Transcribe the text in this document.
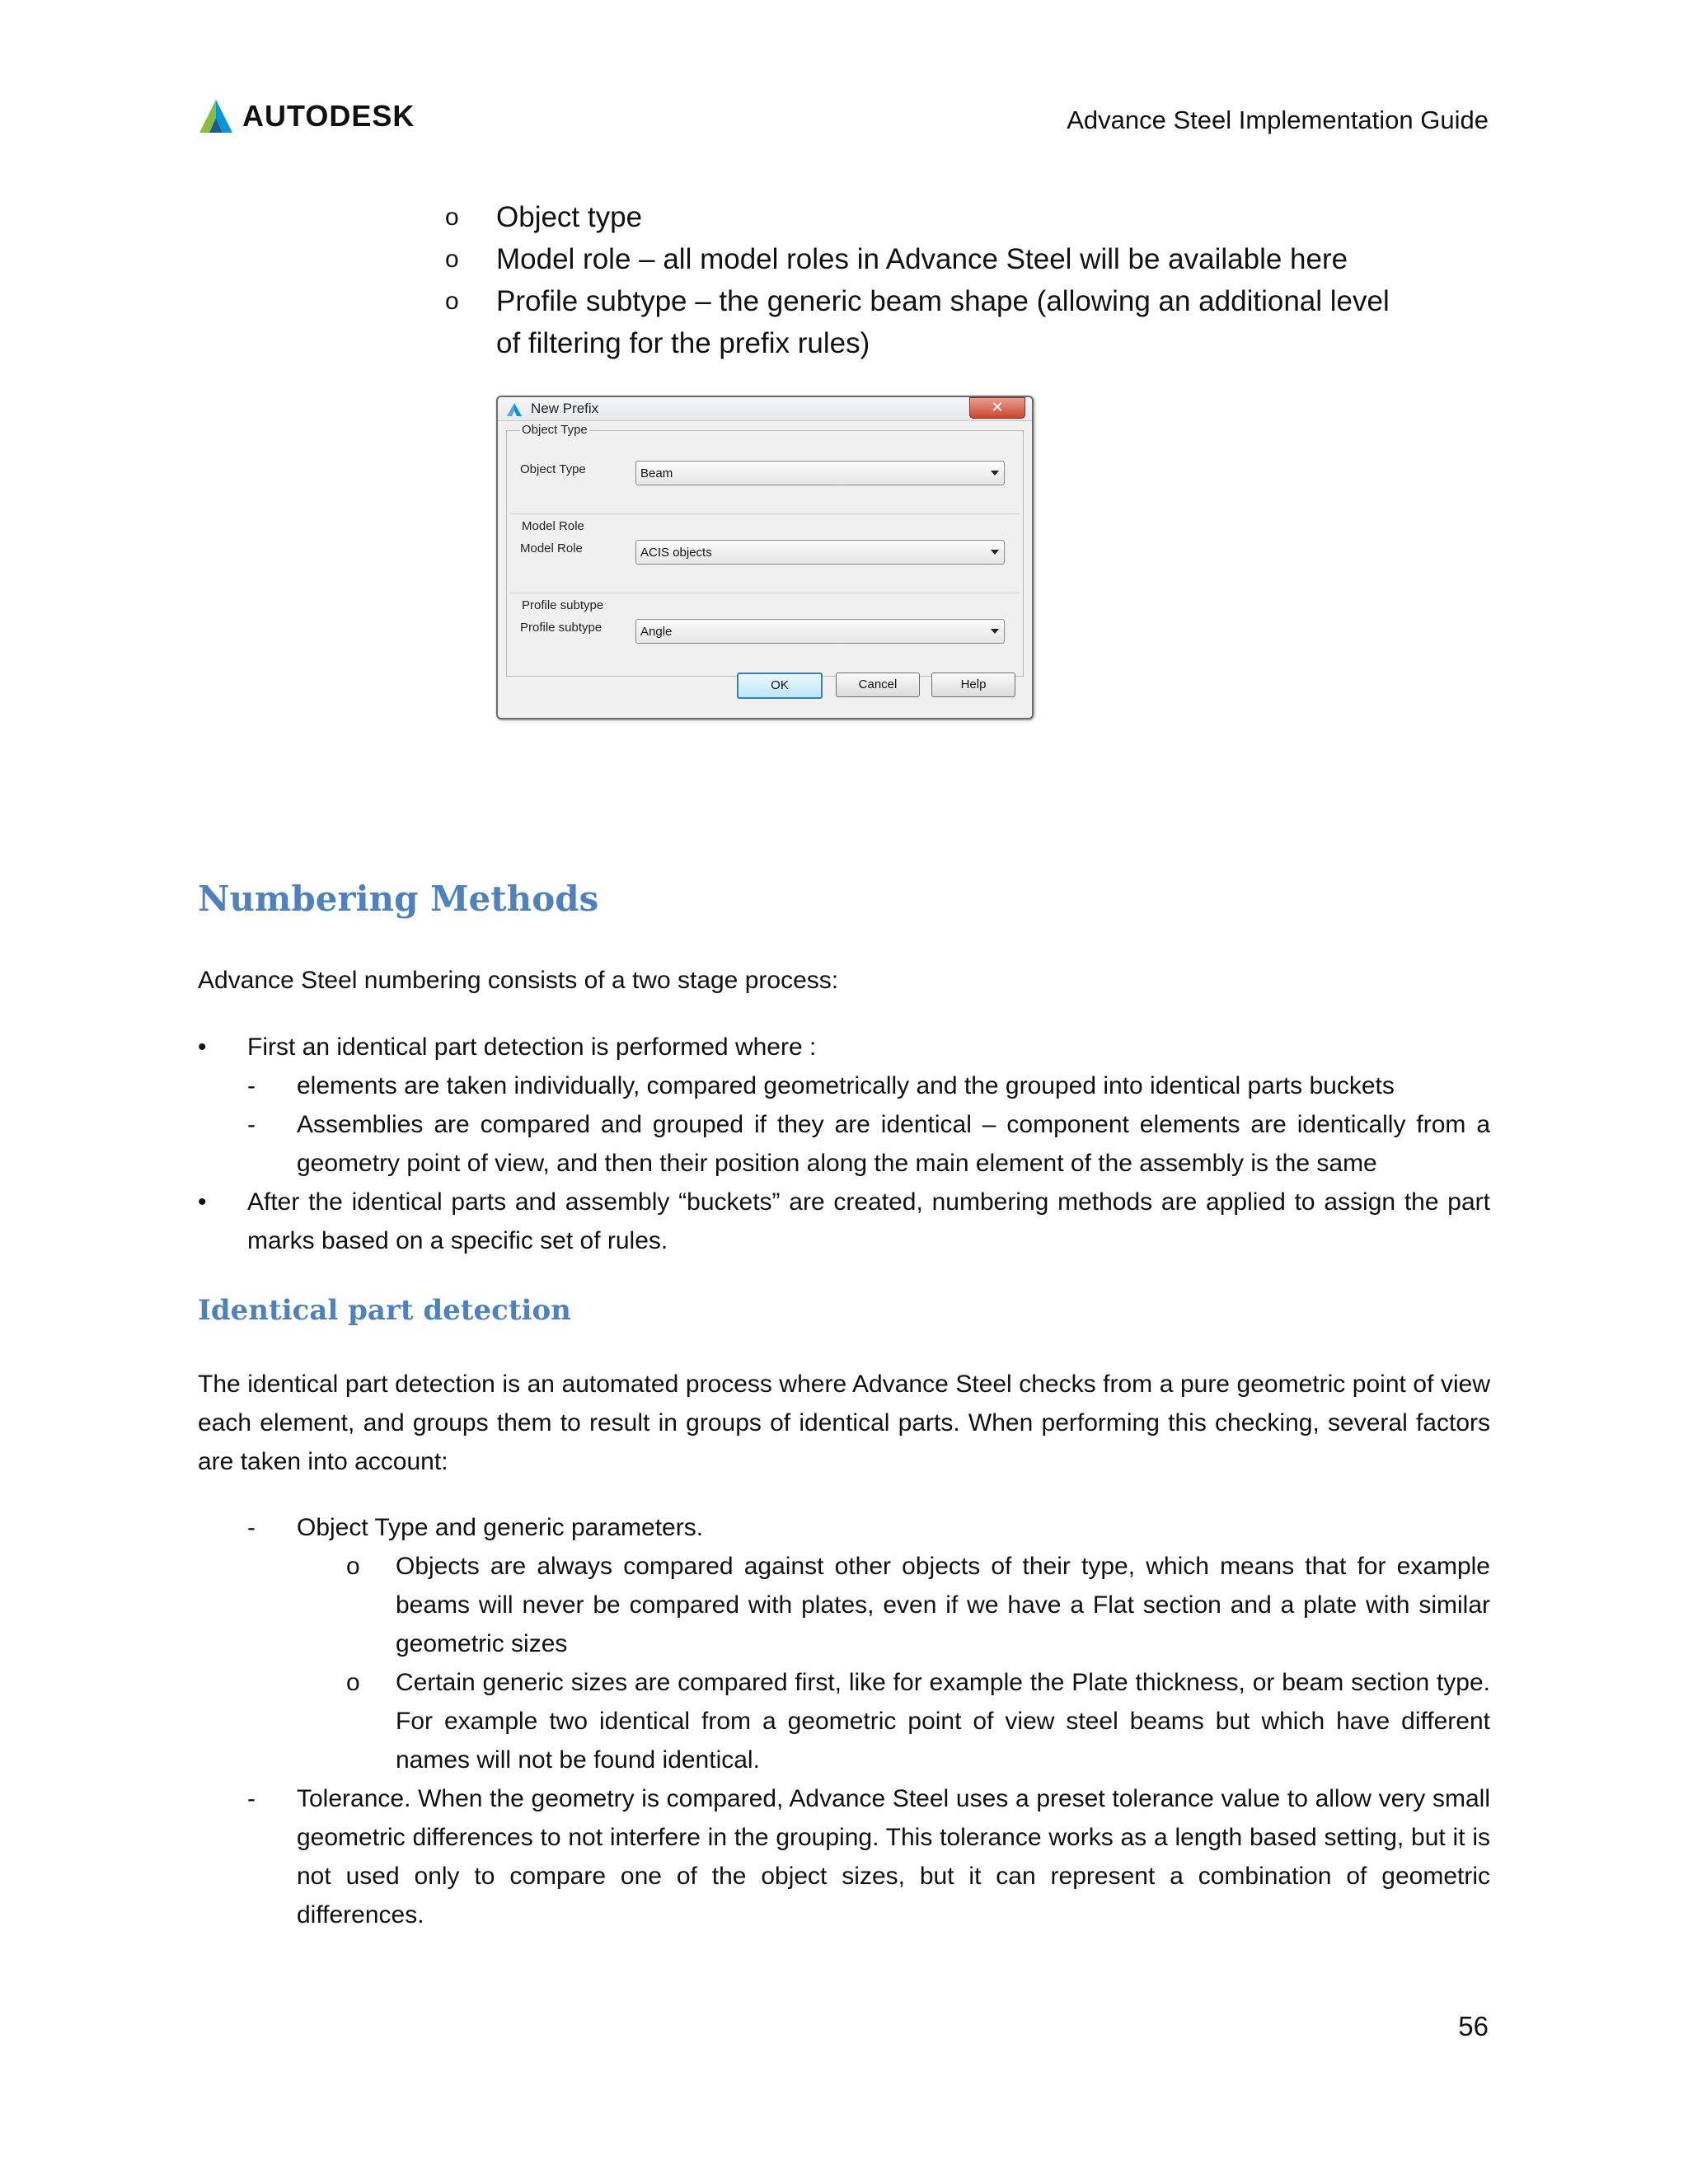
AUTODESK	Advance Steel Implementation Guide
o	Object type
o	Model role – all model roles in Advance Steel will be available here
o	Profile subtype – the generic beam shape (allowing an additional level of filtering for the prefix rules)
New Prefix	✕
Object Type
Object Type	Beam
Model Role
Model Role	ACIS objects
Profile subtype
Profile subtype	Angle
OK	Cancel	Help
Numbering Methods
Advance Steel numbering consists of a two stage process:
•	First an identical part detection is performed where :
-	elements are taken individually, compared geometrically and the grouped into identical parts buckets
-	Assemblies are compared and grouped if they are identical – component elements are identically from a geometry point of view, and then their position along the main element of the assembly is the same
•	After the identical parts and assembly “buckets” are created, numbering methods are applied to assign the part marks based on a specific set of rules.
Identical part detection
The identical part detection is an automated process where Advance Steel checks from a pure geometric point of view each element, and groups them to result in groups of identical parts. When performing this checking, several factors are taken into account:
-	Object Type and generic parameters.
o	Objects are always compared against other objects of their type, which means that for example beams will never be compared with plates, even if we have a Flat section and a plate with similar geometric sizes
o	Certain generic sizes are compared first, like for example the Plate thickness, or beam section type. For example two identical from a geometric point of view steel beams but which have different names will not be found identical.
-	Tolerance. When the geometry is compared, Advance Steel uses a preset tolerance value to allow very small geometric differences to not interfere in the grouping. This tolerance works as a length based setting, but it is not used only to compare one of the object sizes, but it can represent a combination of geometric differences.
56
